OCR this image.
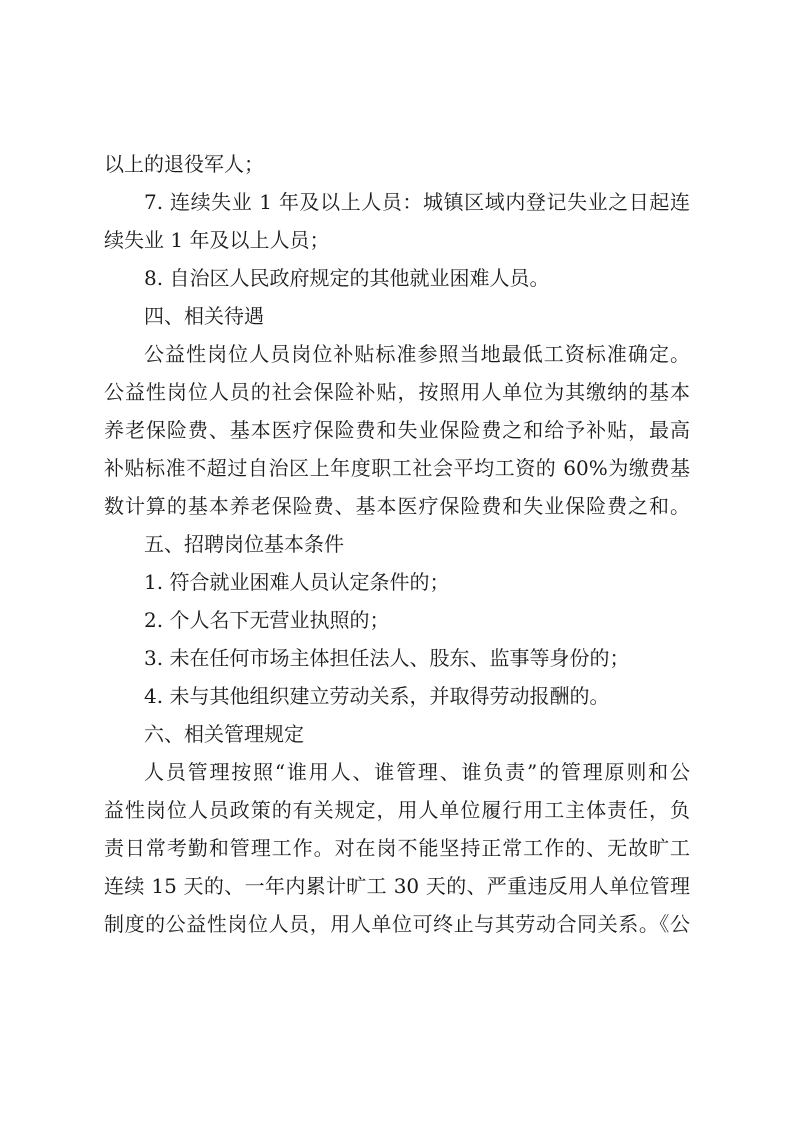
以上的退役军人；
7. 连续失业 1 年及以上人员：城镇区域内登记失业之日起连
续失业 1 年及以上人员；
8. 自治区人民政府规定的其他就业困难人员。
四、相关待遇
公益性岗位人员岗位补贴标准参照当地最低工资标准确定。
公益性岗位人员的社会保险补贴，按照用人单位为其缴纳的基本
养老保险费、基本医疗保险费和失业保险费之和给予补贴，最高
补贴标准不超过自治区上年度职工社会平均工资的 60%为缴费基
数计算的基本养老保险费、基本医疗保险费和失业保险费之和。
五、招聘岗位基本条件
1. 符合就业困难人员认定条件的；
2. 个人名下无营业执照的；
3. 未在任何市场主体担任法人、股东、监事等身份的；
4. 未与其他组织建立劳动关系，并取得劳动报酬的。
六、相关管理规定
人员管理按照“谁用人、谁管理、谁负责”的管理原则和公
益性岗位人员政策的有关规定，用人单位履行用工主体责任，负
责日常考勤和管理工作。对在岗不能坚持正常工作的、无故旷工
连续 15 天的、一年内累计旷工 30 天的、严重违反用人单位管理
制度的公益性岗位人员，用人单位可终止与其劳动合同关系。《公
